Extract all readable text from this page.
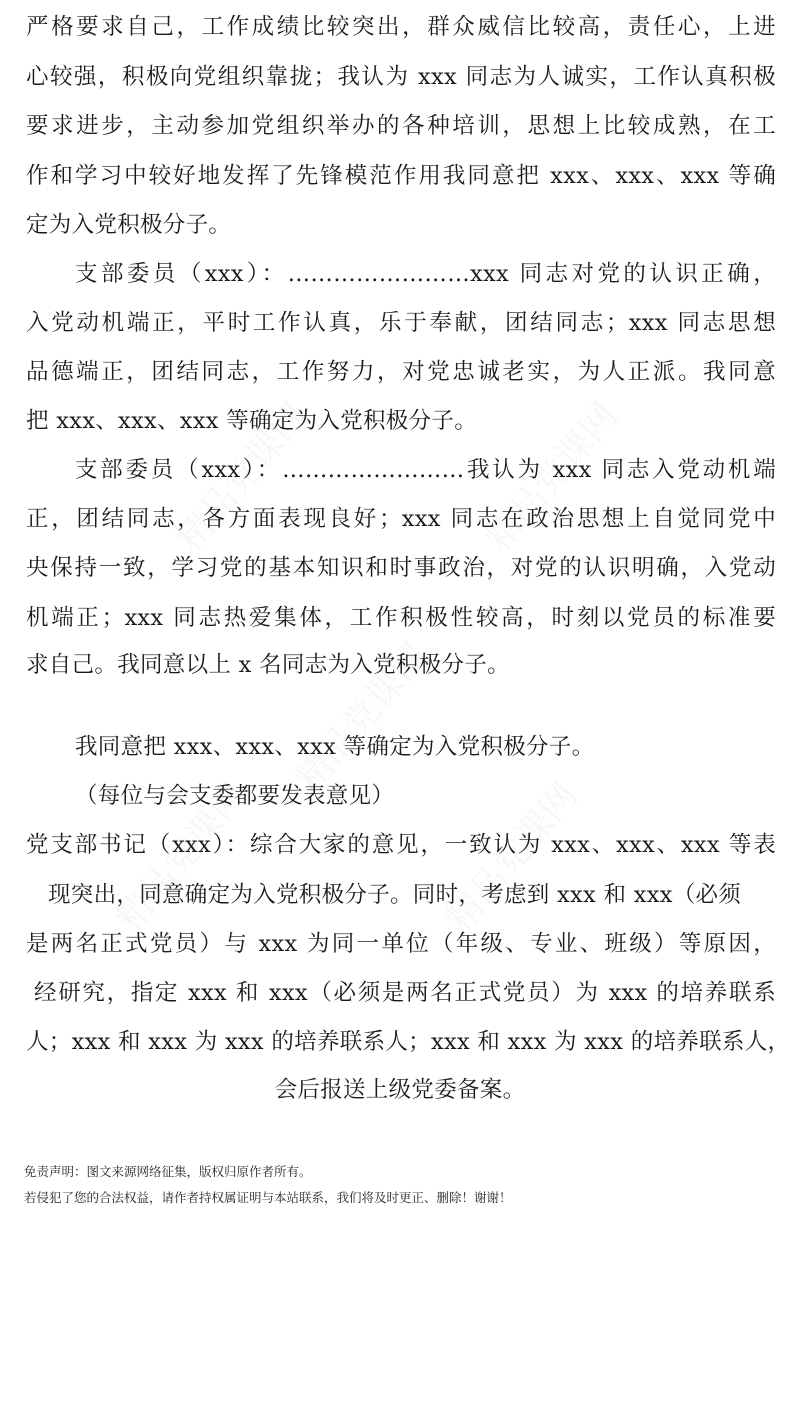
严格要求自己，工作成绩比较突出，群众威信比较高，责任心，上进
心较强，积极向党组织靠拢；我认为 xxx 同志为人诚实，工作认真积极
要求进步，主动参加党组织举办的各种培训，思想上比较成熟，在工
作和学习中较好地发挥了先锋模范作用我同意把 xxx、xxx、xxx 等确
定为入党积极分子。
支部委员（xxx）：……………………xxx 同志对党的认识正确，
入党动机端正，平时工作认真，乐于奉献，团结同志；xxx 同志思想
品德端正，团结同志，工作努力，对党忠诚老实，为人正派。我同意
把 xxx、xxx、xxx 等确定为入党积极分子。
支部委员（xxx）：……………………我认为 xxx 同志入党动机端
正，团结同志，各方面表现良好；xxx 同志在政治思想上自觉同党中
央保持一致，学习党的基本知识和时事政治，对党的认识明确，入党动
机端正；xxx 同志热爱集体，工作积极性较高，时刻以党员的标准要
求自己。我同意以上 x 名同志为入党积极分子。
我同意把 xxx、xxx、xxx 等确定为入党积极分子。
（每位与会支委都要发表意见）
党支部书记（xxx）：综合大家的意见，一致认为 xxx、xxx、xxx 等表
现突出，同意确定为入党积极分子。同时，考虑到 xxx 和 xxx（必须
是两名正式党员）与 xxx 为同一单位（年级、专业、班级）等原因，
经研究，指定 xxx 和 xxx（必须是两名正式党员）为 xxx 的培养联系
人；xxx 和 xxx 为 xxx 的培养联系人；xxx 和 xxx 为 xxx 的培养联系人，
会后报送上级党委备案。
免责声明：图文来源网络征集，版权归原作者所有。
若侵犯了您的合法权益，请作者持权属证明与本站联系，我们将及时更正、删除！谢谢！
